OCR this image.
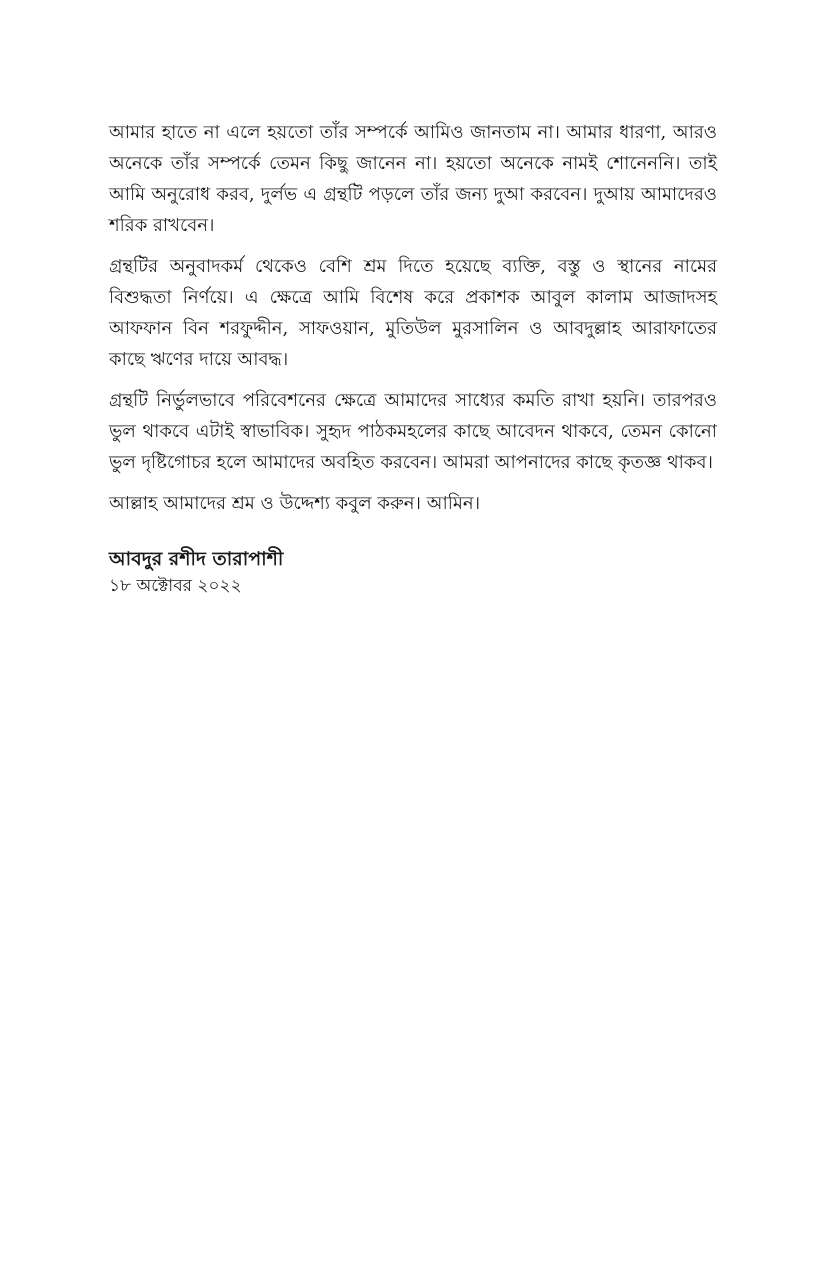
আমার হাতে না এলে হয়তো তাঁর সম্পর্কে আমিও জানতাম না। আমার ধারণা, আরও অনেকে তাঁর সম্পর্কে তেমন কিছু জানেন না। হয়তো অনেকে নামই শোনেননি। তাই আমি অনুরোধ করব, দুর্লভ এ গ্রন্থটি পড়লে তাঁর জন্য দুআ করবেন। দুআয় আমাদেরও শরিক রাখবেন।

গ্রন্থটির অনুবাদকর্ম থেকেও বেশি শ্রম দিতে হয়েছে ব্যক্তি, বস্তু ও স্থানের নামের বিশুদ্ধতা নির্ণয়ে। এ ক্ষেত্রে আমি বিশেষ করে প্রকাশক আবুল কালাম আজাদসহ আফফান বিন শরফুদ্দীন, সাফওয়ান, মুতিউল মুরসালিন ও আবদুল্লাহ আরাফাতের কাছে ঋণের দায়ে আবদ্ধ।

গ্রন্থটি নির্ভুলভাবে পরিবেশনের ক্ষেত্রে আমাদের সাধ্যের কমতি রাখা হয়নি। তারপরও ভুল থাকবে এটাই স্বাভাবিক। সুহৃদ পাঠকমহলের কাছে আবেদন থাকবে, তেমন কোনো ভুল দৃষ্টিগোচর হলে আমাদের অবহিত করবেন। আমরা আপনাদের কাছে কৃতজ্ঞ থাকব।

আল্লাহ আমাদের শ্রম ও উদ্দেশ্য কবুল করুন। আমিন।

আবদুর রশীদ তারাপাশী

১৮ অক্টোবর ২০২২
